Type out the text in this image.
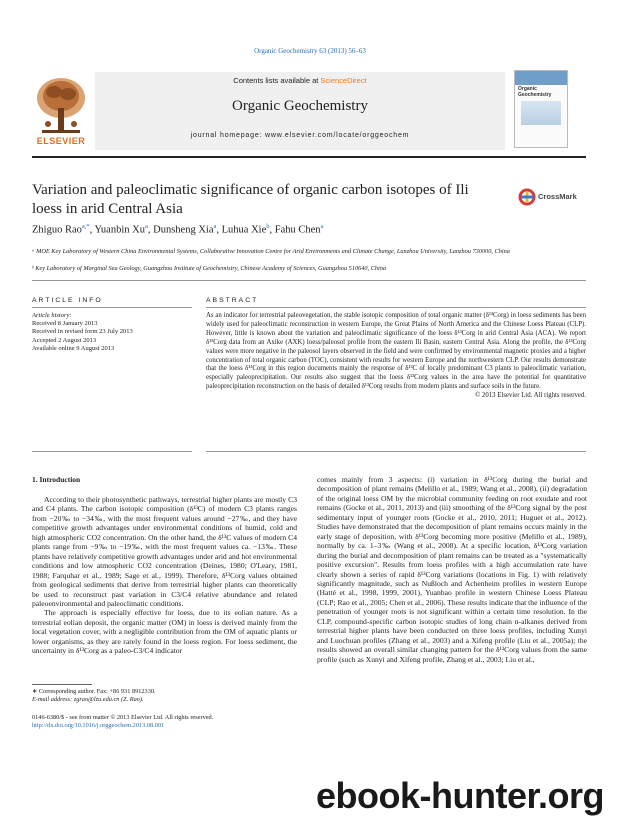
Organic Geochemistry 63 (2013) 56–63
Contents lists available at ScienceDirect
Organic Geochemistry
journal homepage: www.elsevier.com/locate/orggeochem
ELSEVIER
Organic Geochemistry
Variation and paleoclimatic significance of organic carbon isotopes of Ili loess in arid Central Asia
CrossMark
Zhiguo Rao$^{a,*}$, Yuanbin Xu$^a$, Dunsheng Xia$^a$, Luhua Xie$^b$, Fahu Chen$^a$
ᵃ MOE Key Laboratory of Western China Environmental Systems, Collaborative Innovation Centre for Arid Environments and Climate Change, Lanzhou University, Lanzhou 730000, China
ᵇ Key Laboratory of Marginal Sea Geology, Guangzhou Institute of Geochemistry, Chinese Academy of Sciences, Guangzhou 510640, China
ARTICLE INFO	ABSTRACT
Article history:
Received 8 January 2013
Received in revised form 23 July 2013
Accepted 2 August 2013
Available online 9 August 2013
As an indicator for terrestrial paleovegetation, the stable isotopic composition of total organic matter (δ¹³Corg) in loess sediments has been widely used for paleoclimatic reconstruction in western Europe, the Great Plains of North America and the Chinese Loess Plateau (CLP). However, little is known about the variation and paleoclimatic significance of the loess δ¹³Corg in arid Central Asia (ACA). We report δ¹³Corg data from an Axike (AXK) loess/paleosol profile from the eastern Ili Basin, eastern Central Asia. Along the profile, the δ¹³Corg values were more negative in the paleosol layers observed in the field and were confirmed by environmental magnetic proxies and a higher concentration of total organic carbon (TOC), consistent with results for western Europe and the northwestern CLP. Our results demonstrate that the loess δ¹³Corg in this region documents mainly the response of δ¹³C of locally predominant C3 plants to paleoclimatic variation, especially paleoprecipitation. Our results also suggest that the loess δ¹³Corg values in the area have the potential for quantitative paleoprecipitation reconstruction on the basis of detailed δ¹³Corg results from modern plants and surface soils in the future.
© 2013 Elsevier Ltd. All rights reserved.
1. Introduction

According to their photosynthetic pathways, terrestrial higher plants are mostly C3 and C4 plants. The carbon isotopic composition (δ¹³C) of modern C3 plants ranges from −20‰ to −34‰, with the most frequent values around −27‰, and they have competitive growth advantages under environmental conditions of humid, cold and high atmospheric CO2 concentration. On the other hand, the δ¹³C values of modern C4 plants range from −9‰ to −19‰, with the most frequent values ca. −13‰. These plants have relatively competitive growth advantages under arid and hot environmental conditions and low atmospheric CO2 concentration (Deines, 1980; O'Leary, 1981, 1988; Farquhar et al., 1989; Sage et al., 1999). Therefore, δ¹³Corg values obtained from geological sediments that derive from terrestrial higher plants can theoretically be used to reconstruct past variation in C3/C4 relative abundance and related paleoenvironmental and paleoclimatic conditions.

The approach is especially effective for loess, due to its eolian nature. As a terrestrial eolian deposit, the organic matter (OM) in loess is derived mainly from the local vegetation cover, with a negligible contribution from the OM of aquatic plants or lower organisms, as they are rarely found in the loess region. For loess sediment, the uncertainty in δ¹³Corg as a paleo-C3/C4 indicator

comes mainly from 3 aspects: (i) variation in δ¹³Corg during the burial and decomposition of plant remains (Melillo et al., 1989; Wang et al., 2008), (ii) degradation of the original loess OM by the microbial community feeding on root exudate and root remains (Gocke et al., 2011, 2013) and (iii) smoothing of the δ¹³Corg signal by the post sedimentary input of younger roots (Gocke et al., 2010, 2011; Huguet et al., 2012). Studies have demonstrated that the decomposition of plant remains occurs mainly in the early stage of deposition, with δ¹³Corg becoming more positive (Melillo et al., 1989), normally by ca. 1–3‰ (Wang et al., 2008). At a specific location, δ¹³Corg variation during the burial and decomposition of plant remains can be treated as a "systematically positive excursion". Results from loess profiles with a high accumulation rate have clearly shown a series of rapid δ¹³Corg variations (locations in Fig. 1) with relatively significantly magnitude, such as Nußloch and Achenheim profiles in western Europe (Hatté et al., 1998, 1999, 2001), Yuanbao profile in western Chinese Loess Plateau (CLP; Rao et al., 2005; Chen et al., 2006). These results indicate that the influence of the penetration of younger roots is not significant within a certain time resolution. In the CLP, compound-specific carbon isotopic studies of long chain n-alkanes derived from terrestrial higher plants have been conducted on three loess profiles, including Xunyi and Luochuan profiles (Zhang et al., 2003) and a Xifeng profile (Liu et al., 2005a); the results showed an overall similar changing pattern for the δ¹³Corg values from the same profile (such as Xunyi and Xifeng profile, Zhang et al., 2003; Liu et al.,

∗ Corresponding author. Fax: +86 931 8912330.
E-mail address: zgrao@lzu.edu.cn (Z. Rao).
0146-6380/$ - see front matter © 2013 Elsevier Ltd. All rights reserved.
http://dx.doi.org/10.1016/j.orggeochem.2013.08.001
ebook-hunter.org
